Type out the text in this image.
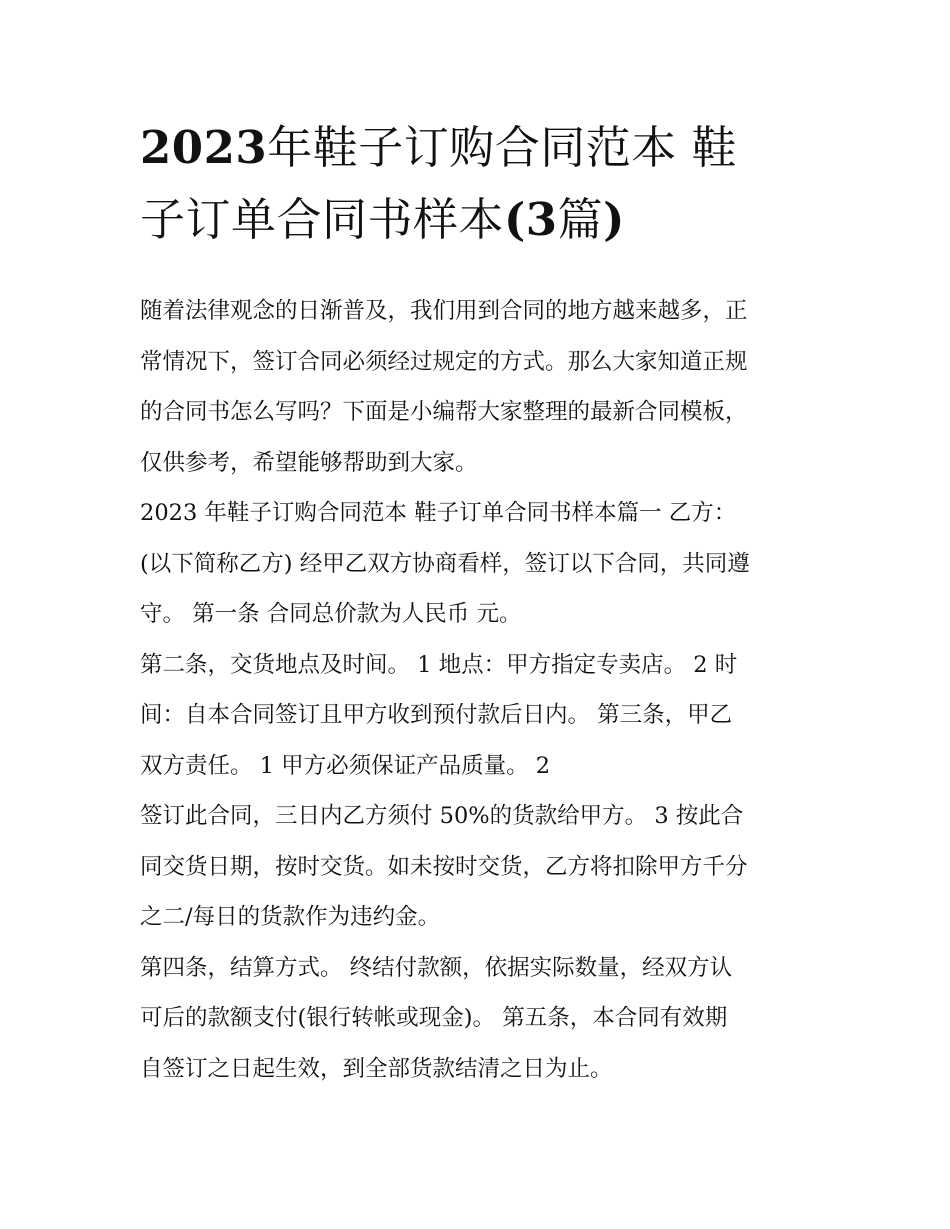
2023年鞋子订购合同范本 鞋
子订单合同书样本(3篇)

随着法律观念的日渐普及，我们用到合同的地方越来越多，正
常情况下，签订合同必须经过规定的方式。那么大家知道正规
的合同书怎么写吗？下面是小编帮大家整理的最新合同模板，
仅供参考，希望能够帮助到大家。

2023 年鞋子订购合同范本 鞋子订单合同书样本篇一 乙方：
(以下简称乙方) 经甲乙双方协商看样，签订以下合同，共同遵
守。 第一条 合同总价款为人民币 元。

第二条，交货地点及时间。 1 地点：甲方指定专卖店。 2 时
间：自本合同签订且甲方收到预付款后日内。 第三条，甲乙
双方责任。 1 甲方必须保证产品质量。 2

签订此合同，三日内乙方须付 50%的货款给甲方。 3 按此合
同交货日期，按时交货。如未按时交货，乙方将扣除甲方千分
之二/每日的货款作为违约金。

第四条，结算方式。 终结付款额，依据实际数量，经双方认
可后的款额支付(银行转帐或现金)。 第五条，本合同有效期
自签订之日起生效，到全部货款结清之日为止。
